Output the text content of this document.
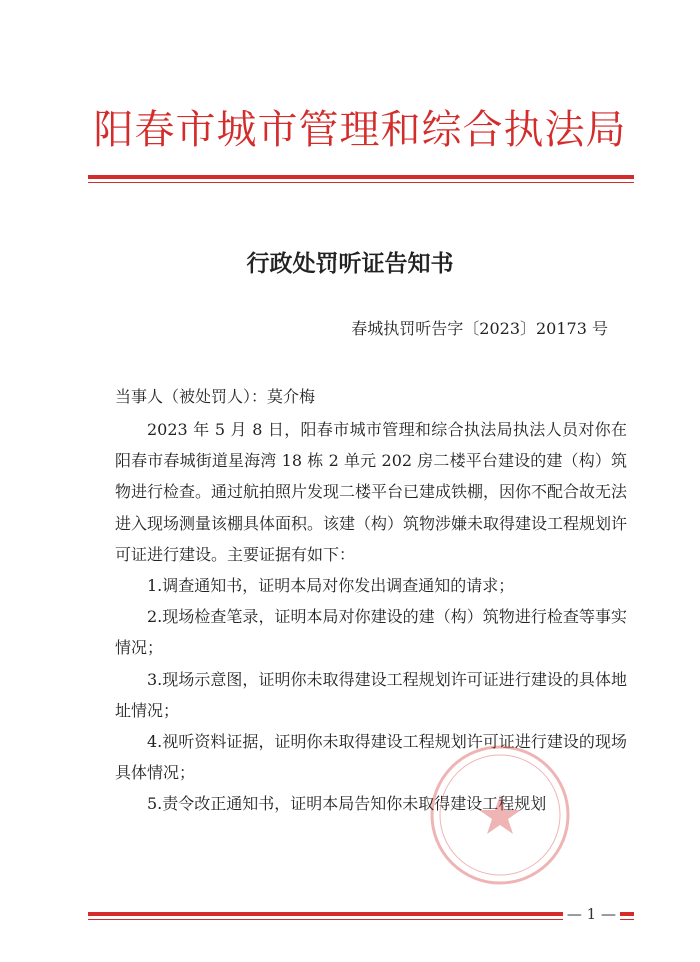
阳春市城市管理和综合执法局
行政处罚听证告知书
春城执罚听告字〔2023〕20173 号
当事人（被处罚人）：莫介梅

2023 年 5 月 8 日，阳春市城市管理和综合执法局执法人员对你在阳春市春城街道星海湾 18 栋 2 单元 202 房二楼平台建设的建（构）筑物进行检查。通过航拍照片发现二楼平台已建成铁棚，因你不配合故无法进入现场测量该棚具体面积。该建（构）筑物涉嫌未取得建设工程规划许可证进行建设。主要证据有如下：

1.调查通知书，证明本局对你发出调查通知的请求；

2.现场检查笔录，证明本局对你建设的建（构）筑物进行检查等事实情况；

3.现场示意图，证明你未取得建设工程规划许可证进行建设的具体地址情况；

4.视听资料证据，证明你未取得建设工程规划许可证进行建设的现场具体情况；

5.责令改正通知书，证明本局告知你未取得建设工程规划

— 1 —
